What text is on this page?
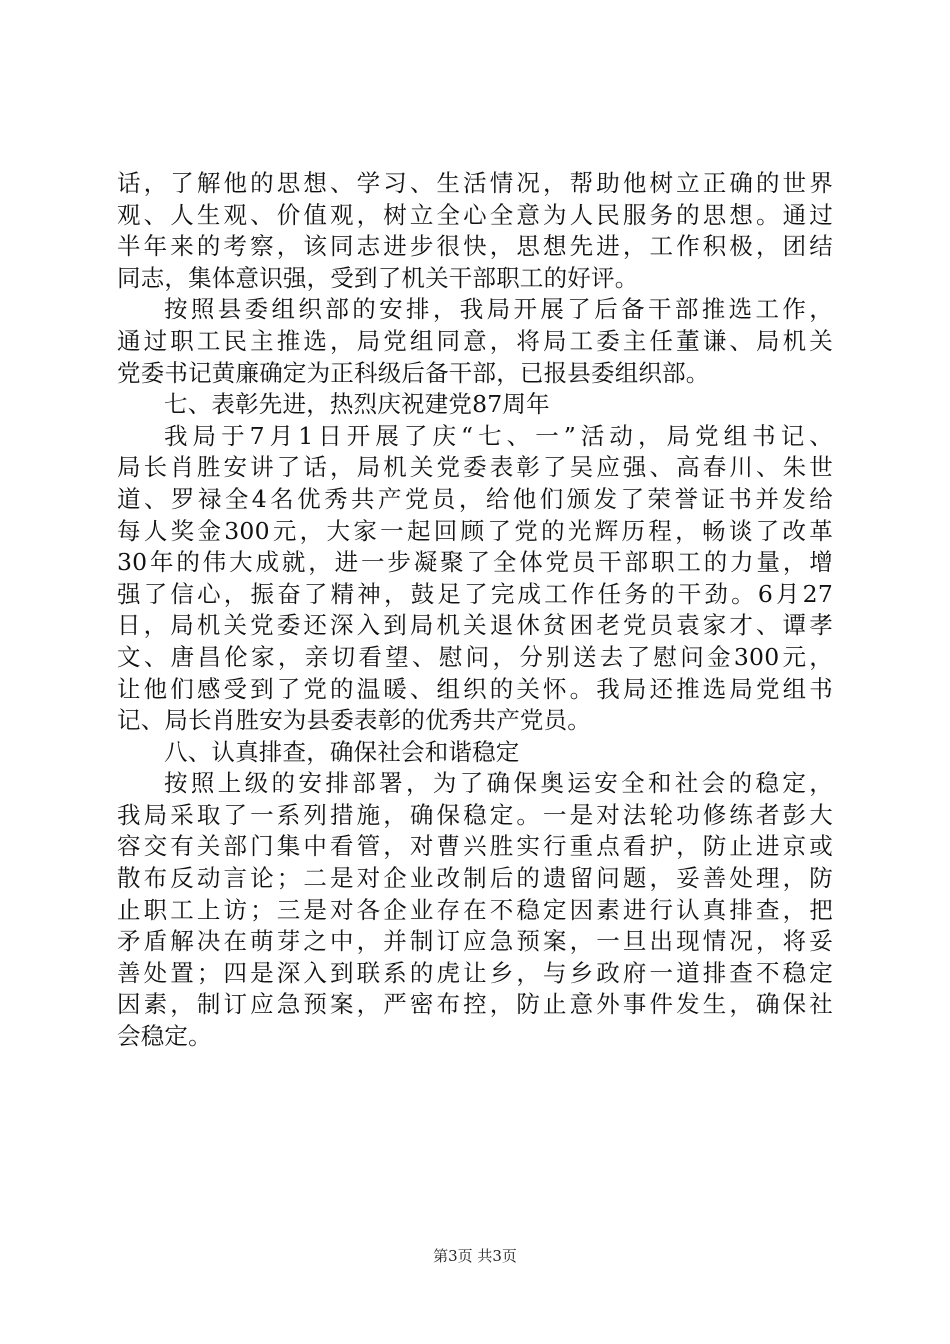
话，了解他的思想、学习、生活情况，帮助他树立正确的世界
观、人生观、价值观，树立全心全意为人民服务的思想。通过
半年来的考察，该同志进步很快，思想先进，工作积极，团结
同志，集体意识强，受到了机关干部职工的好评。
按照县委组织部的安排，我局开展了后备干部推选工作，
通过职工民主推选，局党组同意，将局工委主任董谦、局机关
党委书记黄廉确定为正科级后备干部，已报县委组织部。
七、表彰先进，热烈庆祝建党87周年
我局于7月1日开展了庆“七、一”活动，局党组书记、
局长肖胜安讲了话，局机关党委表彰了吴应强、高春川、朱世
道、罗禄全4名优秀共产党员，给他们颁发了荣誉证书并发给
每人奖金300元，大家一起回顾了党的光辉历程，畅谈了改革
30年的伟大成就，进一步凝聚了全体党员干部职工的力量，增
强了信心，振奋了精神，鼓足了完成工作任务的干劲。6月27
日，局机关党委还深入到局机关退休贫困老党员袁家才、谭孝
文、唐昌伦家，亲切看望、慰问，分别送去了慰问金300元，
让他们感受到了党的温暖、组织的关怀。我局还推选局党组书
记、局长肖胜安为县委表彰的优秀共产党员。
八、认真排查，确保社会和谐稳定
按照上级的安排部署，为了确保奥运安全和社会的稳定，
我局采取了一系列措施，确保稳定。一是对法轮功修练者彭大
容交有关部门集中看管，对曹兴胜实行重点看护，防止进京或
散布反动言论；二是对企业改制后的遗留问题，妥善处理，防
止职工上访；三是对各企业存在不稳定因素进行认真排查，把
矛盾解决在萌芽之中，并制订应急预案，一旦出现情况，将妥
善处置；四是深入到联系的虎让乡，与乡政府一道排查不稳定
因素，制订应急预案，严密布控，防止意外事件发生，确保社
会稳定。
第3页 共3页
